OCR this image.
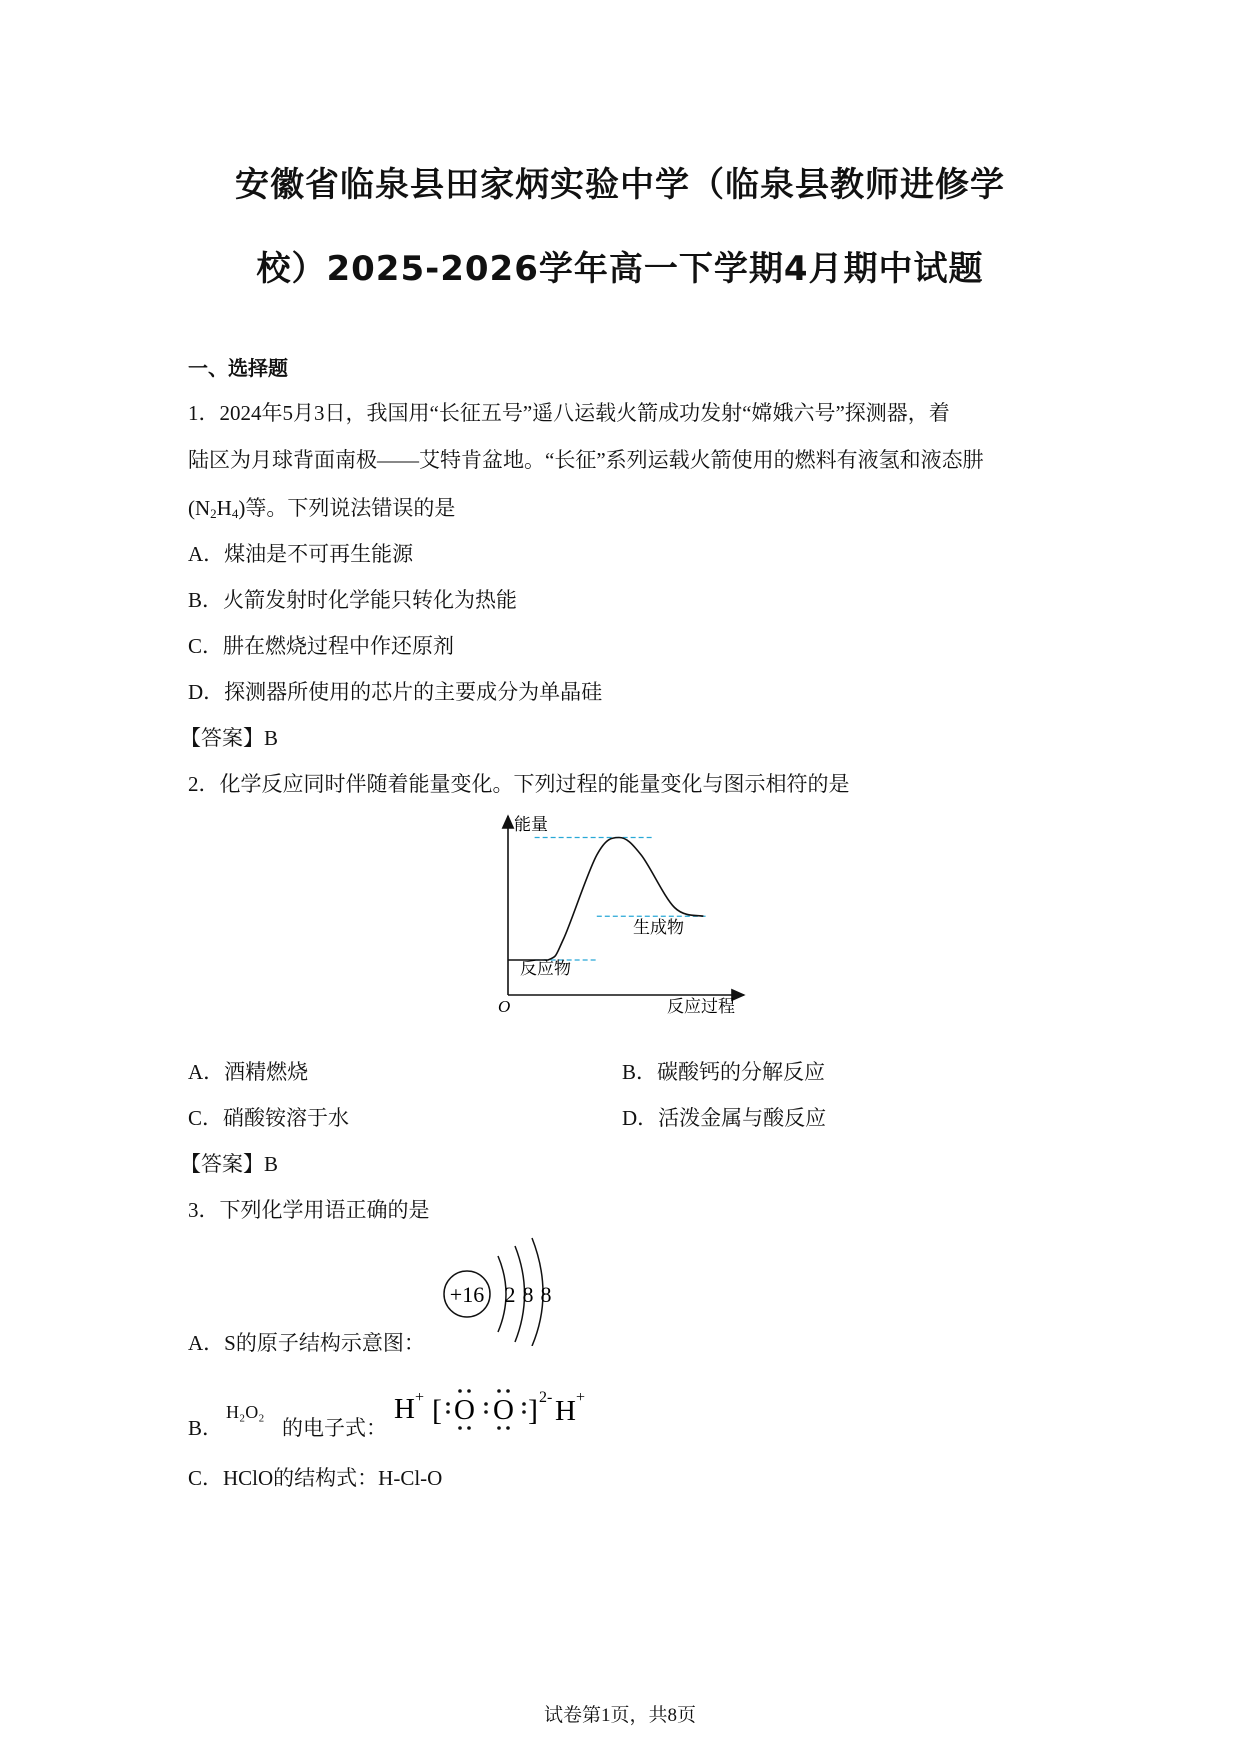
安徽省临泉县田家炳实验中学（临泉县教师进修学
校）2025-2026学年高一下学期4月期中试题
一、选择题
1．2024年5月3日，我国用“长征五号”遥八运载火箭成功发射“嫦娥六号”探测器，着
陆区为月球背面南极——艾特肯盆地。“长征”系列运载火箭使用的燃料有液氢和液态肼
$(N_2H_4)$等。下列说法错误的是
A．煤油是不可再生能源
B．火箭发射时化学能只转化为热能
C．肼在燃烧过程中作还原剂
D．探测器所使用的芯片的主要成分为单晶硅
【答案】B
2．化学反应同时伴随着能量变化。下列过程的能量变化与图示相符的是
能量
反应过程
O
反应物
生成物
A．酒精燃烧	B．碳酸钙的分解反应
C．硝酸铵溶于水	D．活泼金属与酸反应
【答案】B
3．下列化学用语正确的是
+16 2 8 8
A．S的原子结构示意图：
B．
H₂O₂
的电子式：
H + [ O O ] 2- H +
C．HClO的结构式：H-Cl-O
试卷第1页，共8页
